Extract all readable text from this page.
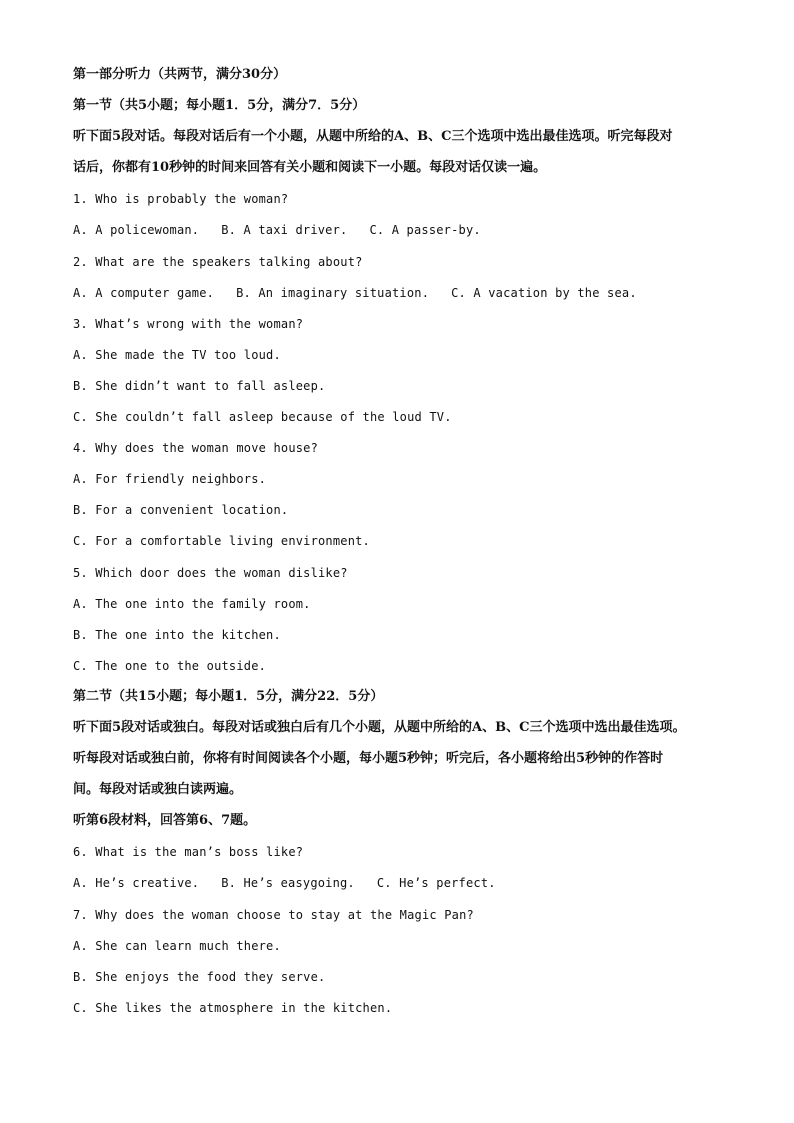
第一部分听力（共两节，满分30分）
第一节（共5小题；每小题1．5分，满分7．5分）
听下面5段对话。每段对话后有一个小题，从题中所给的A、B、C三个选项中选出最佳选项。听完每段对
话后，你都有10秒钟的时间来回答有关小题和阅读下一小题。每段对话仅读一遍。
1. Who is probably the woman?
A. A policewoman. B. A taxi driver. C. A passer-by.
2. What are the speakers talking about?
A. A computer game. B. An imaginary situation. C. A vacation by the sea.
3. What’s wrong with the woman?
A. She made the TV too loud.
B. She didn’t want to fall asleep.
C. She couldn’t fall asleep because of the loud TV.
4. Why does the woman move house?
A. For friendly neighbors.
B. For a convenient location.
C. For a comfortable living environment.
5. Which door does the woman dislike?
A. The one into the family room.
B. The one into the kitchen.
C. The one to the outside.
第二节（共15小题；每小题1．5分，满分22．5分）
听下面5段对话或独白。每段对话或独白后有几个小题，从题中所给的A、B、C三个选项中选出最佳选项。
听每段对话或独白前，你将有时间阅读各个小题，每小题5秒钟；听完后，各小题将给出5秒钟的作答时
间。每段对话或独白读两遍。
听第6段材料，回答第6、7题。
6. What is the man’s boss like?
A. He’s creative. B. He’s easygoing. C. He’s perfect.
7. Why does the woman choose to stay at the Magic Pan?
A. She can learn much there.
B. She enjoys the food they serve.
C. She likes the atmosphere in the kitchen.
